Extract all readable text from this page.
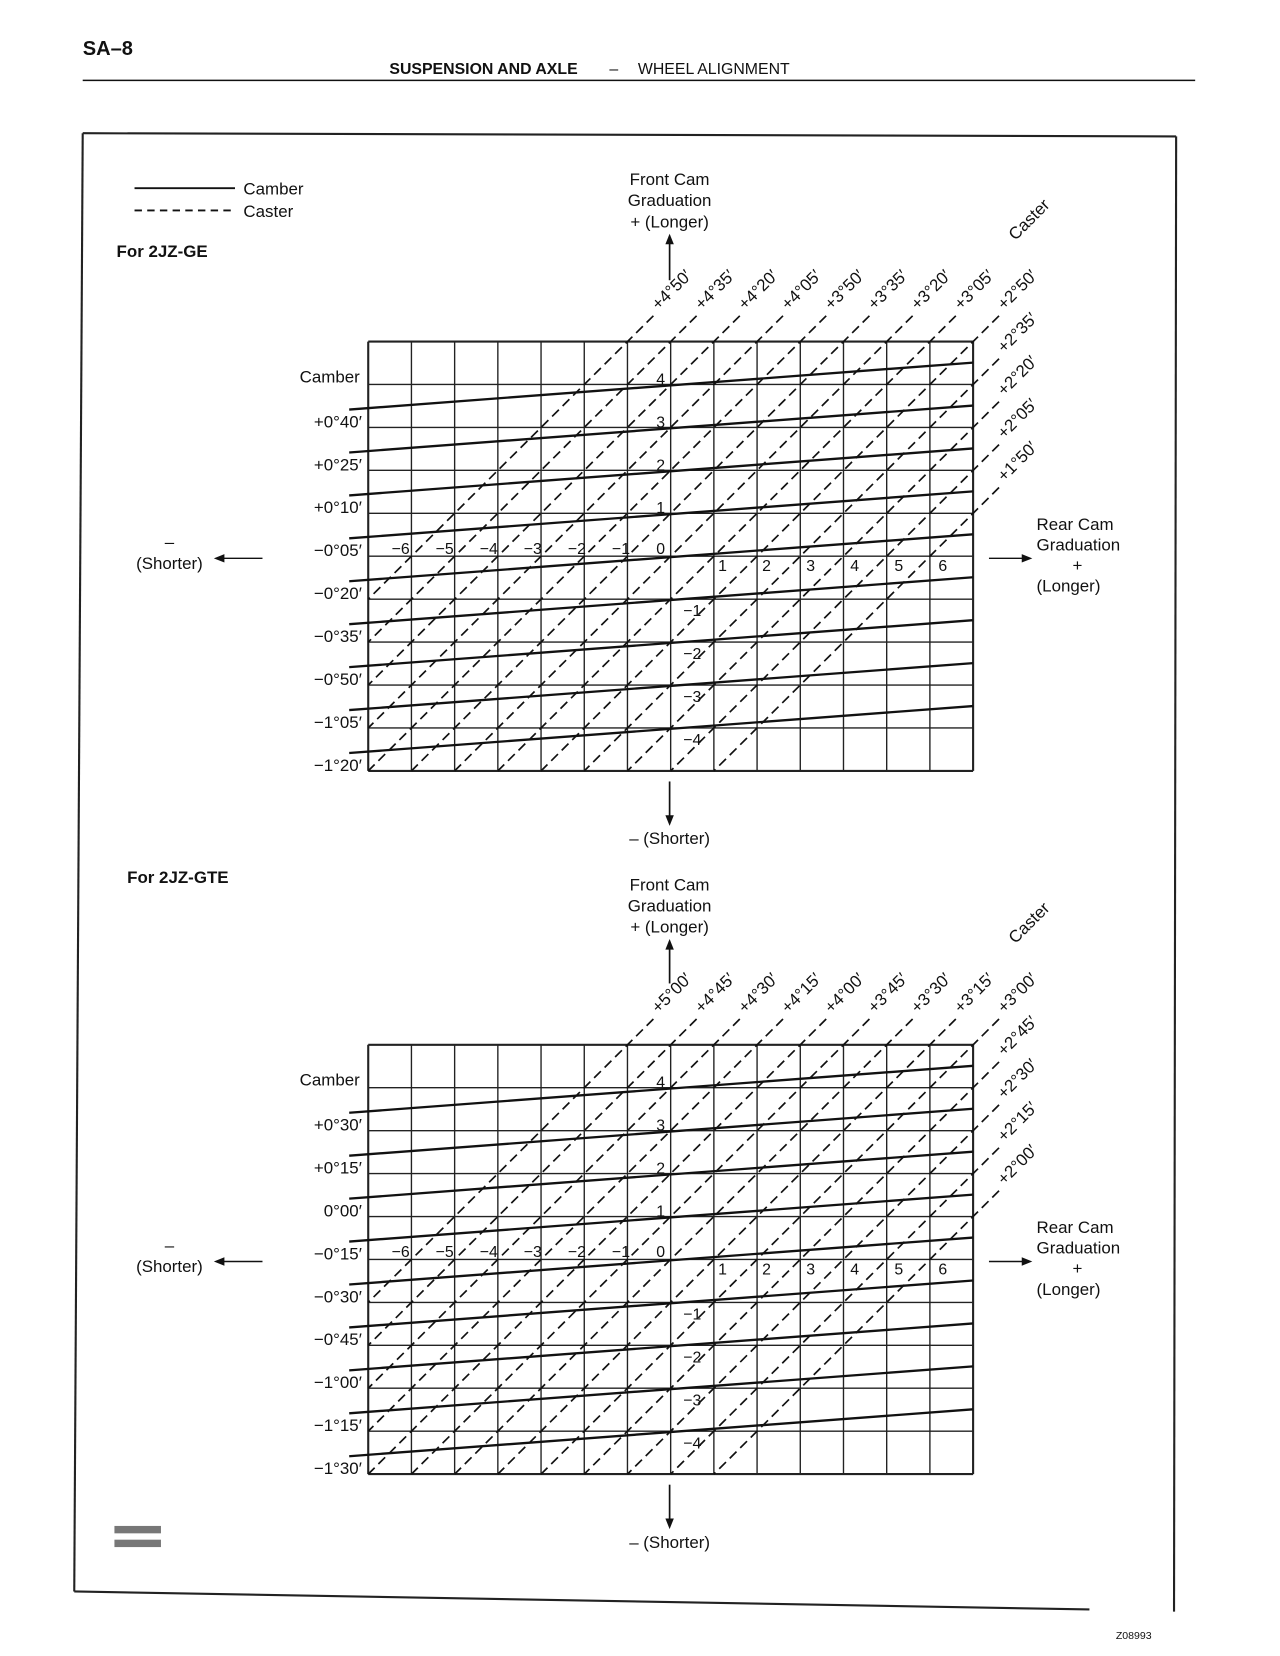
SA–8
SUSPENSION AND AXLE – WHEEL ALIGNMENT
Z08993
Camber
Caster
For 2JZ-GE
Front Cam
Graduation
+ (Longer)
– (Shorter)
–
(Shorter)
Rear Cam
Graduation
+
(Longer)
Camber
+0°40′
+0°25′
+0°10′
−0°05′
−0°20′
−0°35′
−0°50′
−1°05′
−1°20′
+4°50′
+4°35′
+4°20′
+4°05′
+3°50′
+3°35′
+3°20′
+3°05′
+2°50′
+2°35′
+2°20′
+2°05′
+1°50′
Caster
4
3
2
1
0
−1
−2
−3
−4
−6 −5 −4 −3 −2 −1
1 2 3 4 5 6
For 2JZ-GTE	Front Cam
Graduation
+ (Longer)
– (Shorter)
–
(Shorter)
Rear Cam
Graduation
+
(Longer)
Camber
+0°30′
+0°15′
0°00′
−0°15′
−0°30′
−0°45′
−1°00′
−1°15′
−1°30′
+5°00′
+4°45′
+4°30′
+4°15′
+4°00′
+3°45′
+3°30′
+3°15′
+3°00′
+2°45′
+2°30′
+2°15′
+2°00′
Caster
4
3
2
1
0
−1
−2
−3
−4
−6 −5 −4 −3 −2 −1
1 2 3 4 5 6
